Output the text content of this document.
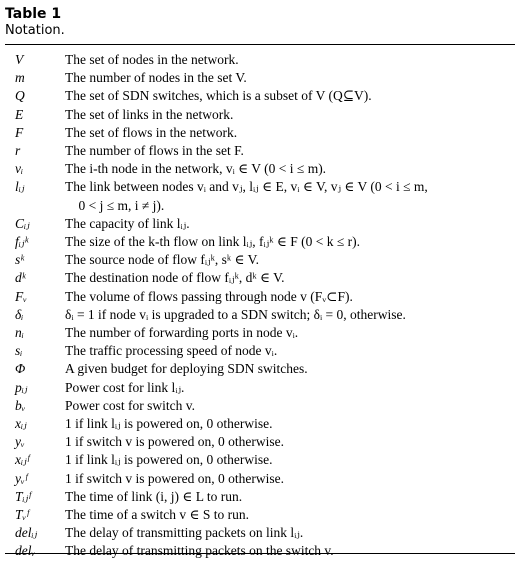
Table 1
Notation.
V	The set of nodes in the network.
m	The number of nodes in the set V.
Q	The set of SDN switches, which is a subset of V (Q⊆V).
E	The set of links in the network.
F	The set of flows in the network.
r	The number of flows in the set F.
vᵢ	The i-th node in the network, vᵢ ∈ V (0 < i ≤ m).
lᵢⱼ	The link between nodes vᵢ and vⱼ, lᵢⱼ ∈ E, vᵢ ∈ V, vⱼ ∈ V (0 < i ≤ m,
0 < j ≤ m, i ≠ j).
Cᵢⱼ	The capacity of link lᵢⱼ.
fᵢⱼᵏ	The size of the k-th flow on link lᵢⱼ, fᵢⱼᵏ ∈ F (0 < k ≤ r).
sᵏ	The source node of flow fᵢⱼᵏ, sᵏ ∈ V.
dᵏ	The destination node of flow fᵢⱼᵏ, dᵏ ∈ V.
Fᵥ	The volume of flows passing through node v (Fᵥ⊂F).
δᵢ	δᵢ = 1 if node vᵢ is upgraded to a SDN switch; δᵢ = 0, otherwise.
nᵢ	The number of forwarding ports in node vᵢ.
sᵢ	The traffic processing speed of node vᵢ.
Φ	A given budget for deploying SDN switches.
pᵢⱼ	Power cost for link lᵢⱼ.
bᵥ	Power cost for switch v.
xᵢⱼ	1 if link lᵢⱼ is powered on, 0 otherwise.
yᵥ	1 if switch v is powered on, 0 otherwise.
xᵢⱼᶠ	1 if link lᵢⱼ is powered on, 0 otherwise.
yᵥᶠ	1 if switch v is powered on, 0 otherwise.
Tᵢⱼᶠ	The time of link (i, j) ∈ L to run.
Tᵥᶠ	The time of a switch v ∈ S to run.
delᵢⱼ	The delay of transmitting packets on link lᵢⱼ.
delᵥ	The delay of transmitting packets on the switch v.
